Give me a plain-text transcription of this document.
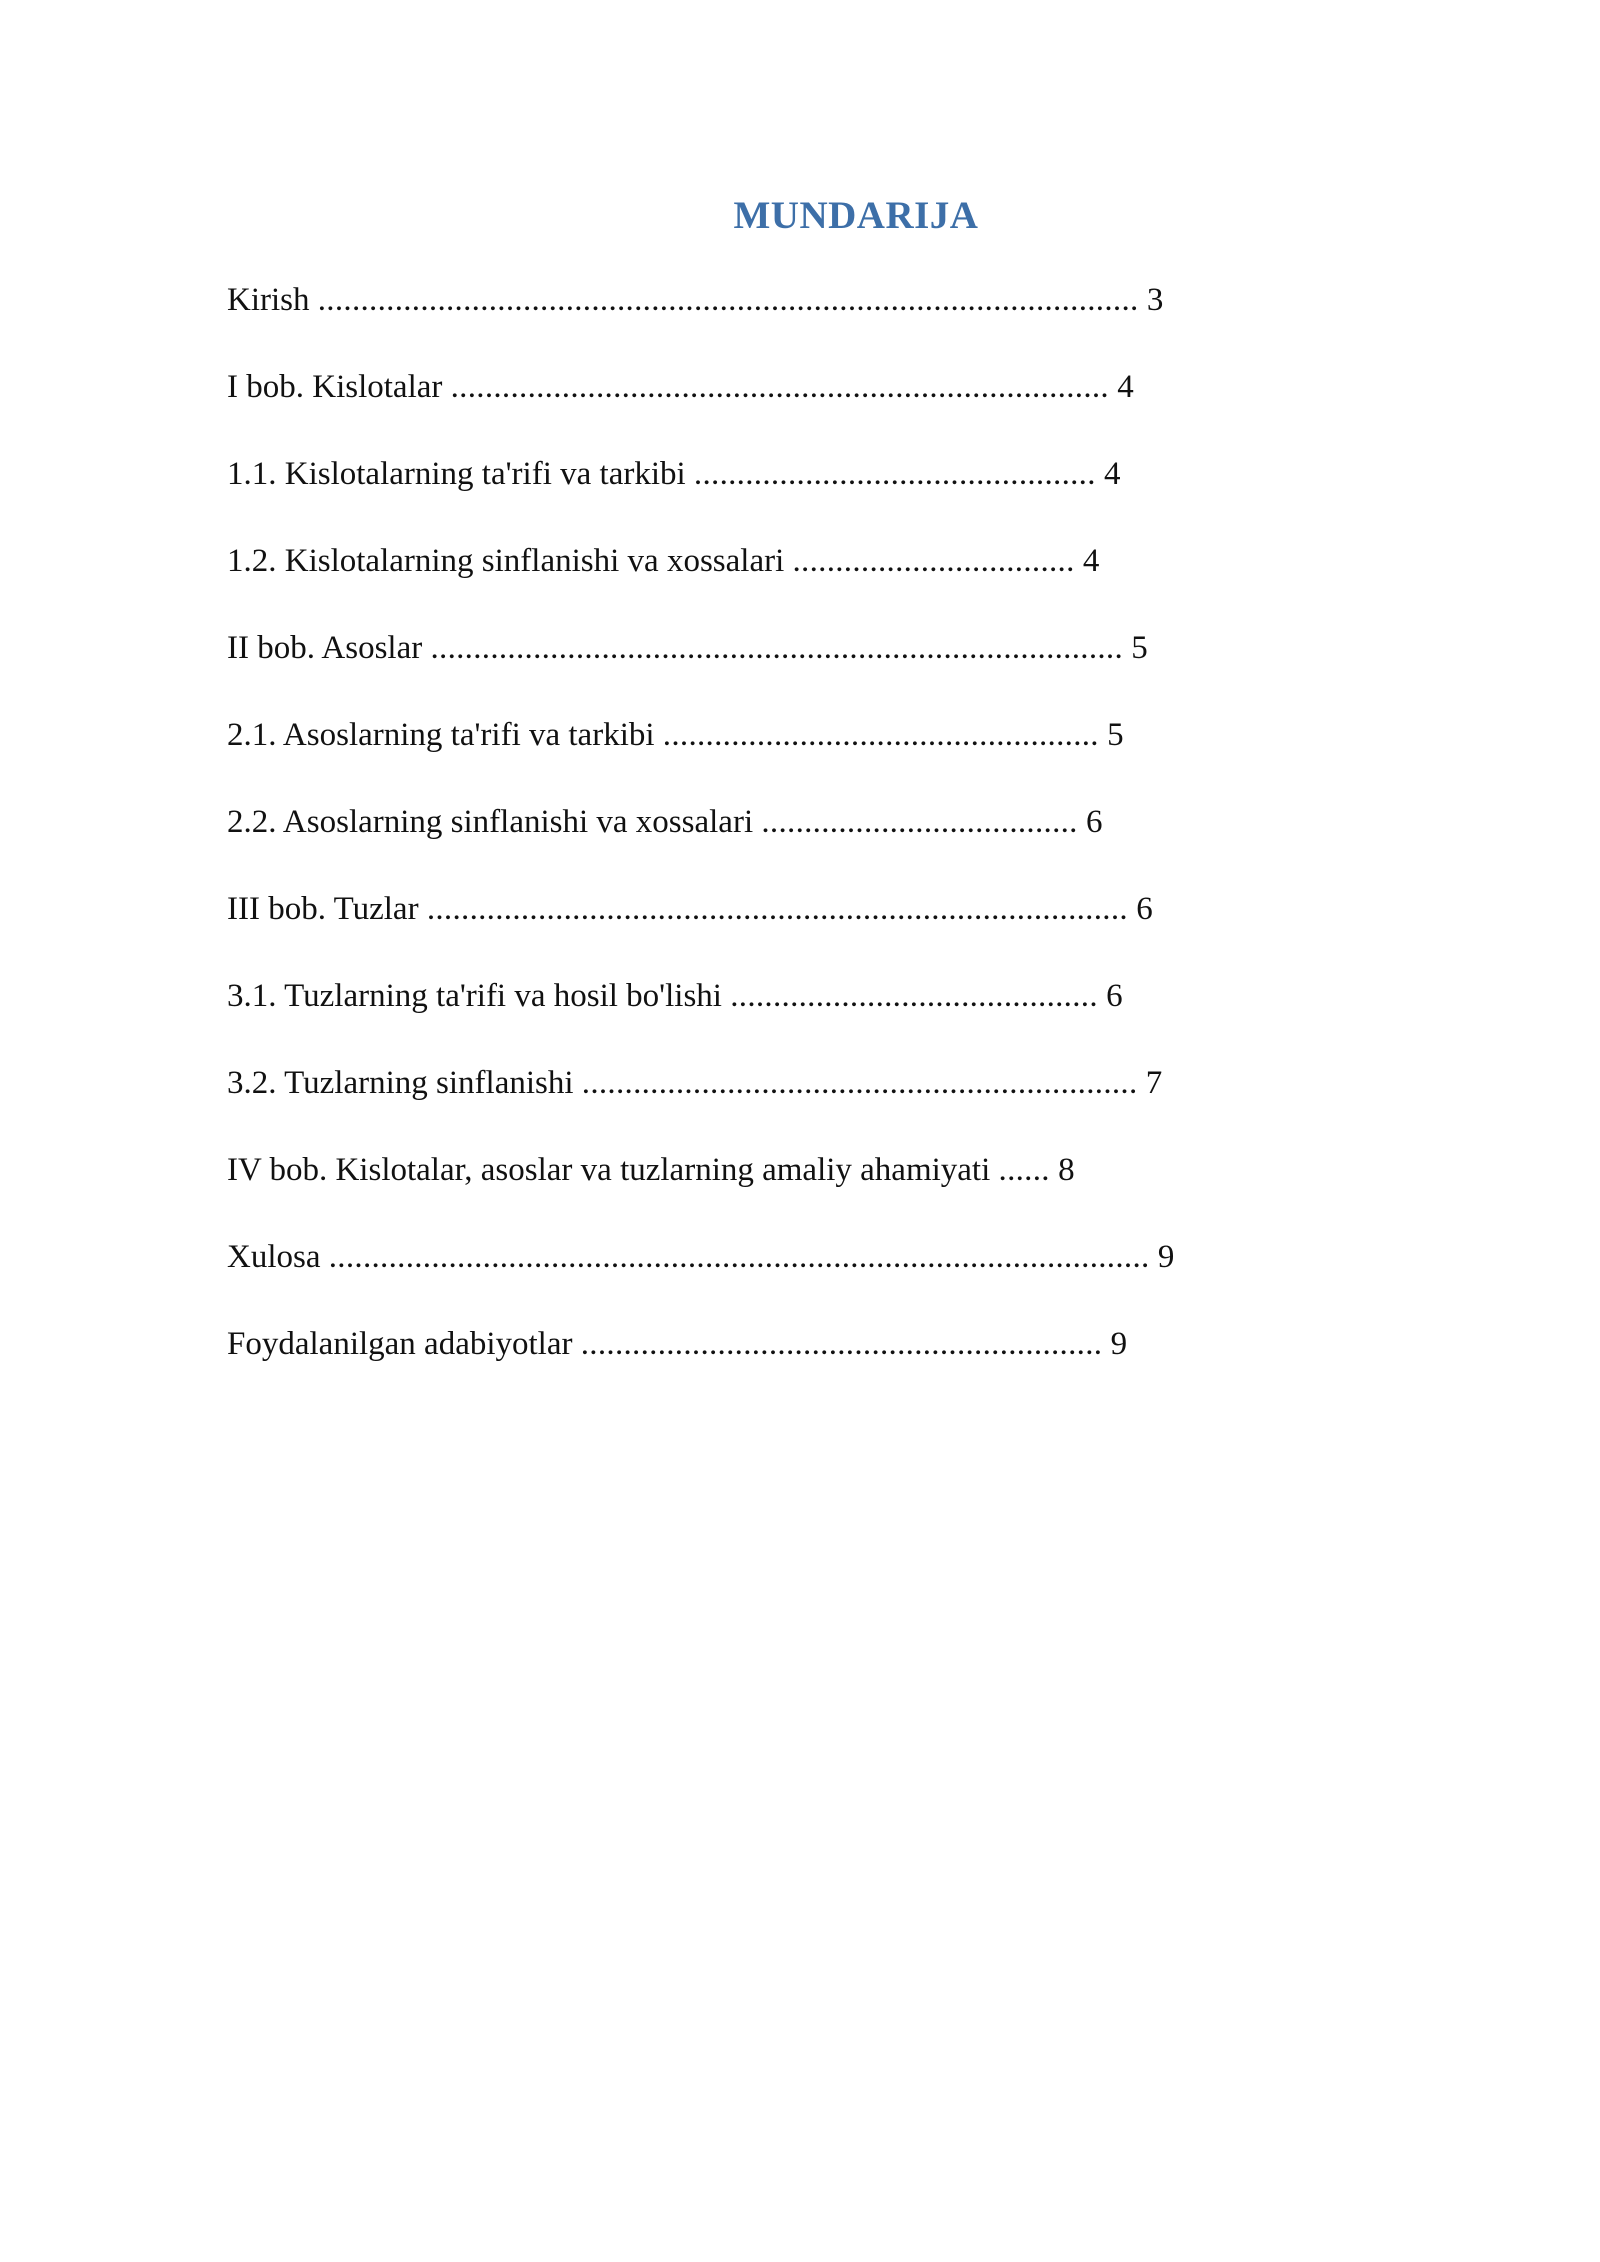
MUNDARIJA
Kirish ................................................................................................ 3
I bob. Kislotalar ............................................................................. 4
1.1. Kislotalarning ta'rifi va tarkibi ............................................... 4
1.2. Kislotalarning sinflanishi va xossalari ................................. 4
II bob. Asoslar ................................................................................. 5
2.1. Asoslarning ta'rifi va tarkibi ................................................... 5
2.2. Asoslarning sinflanishi va xossalari ..................................... 6
III bob. Tuzlar .................................................................................. 6
3.1. Tuzlarning ta'rifi va hosil bo'lishi ........................................... 6
3.2. Tuzlarning sinflanishi ................................................................. 7
IV bob. Kislotalar, asoslar va tuzlarning amaliy ahamiyati ...... 8
Xulosa ................................................................................................ 9
Foydalanilgan adabiyotlar ............................................................. 9
